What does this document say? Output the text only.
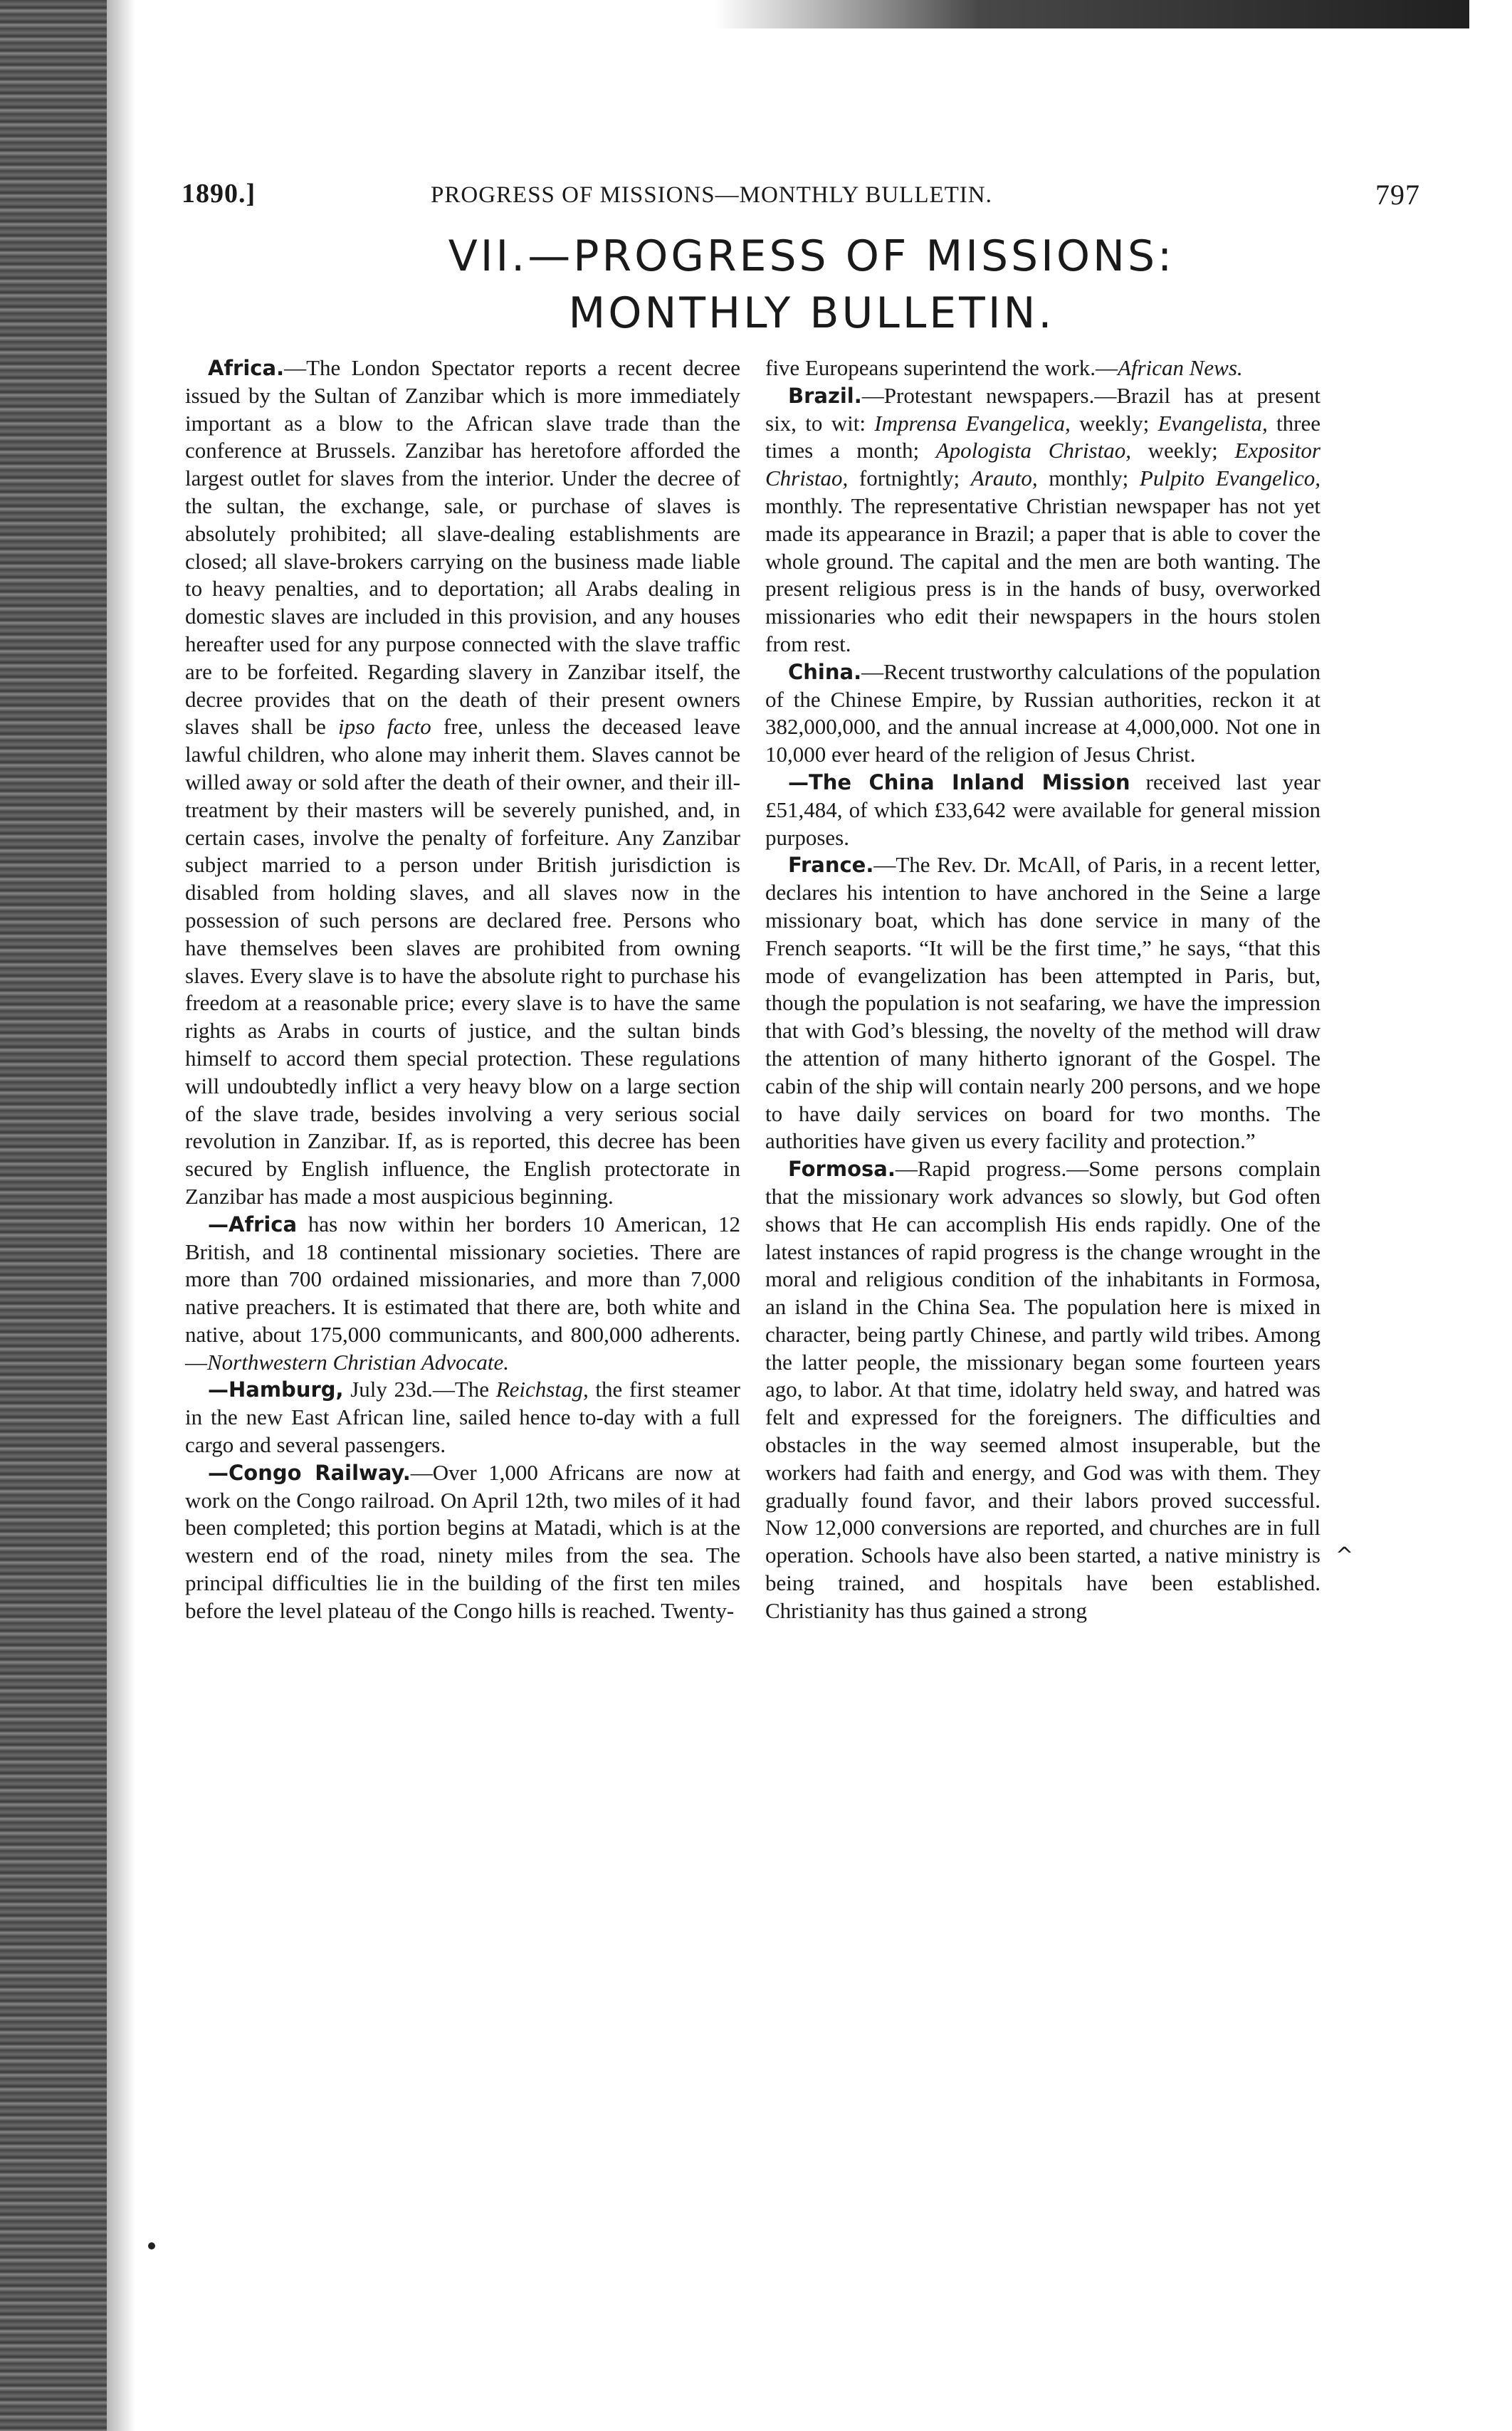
1890.]	PROGRESS OF MISSIONS—MONTHLY BULLETIN.	797
VII.—PROGRESS OF MISSIONS:
MONTHLY BULLETIN.

Africa.—The London Spectator reports a recent decree issued by the Sultan of Zanzibar which is more immediately important as a blow to the African slave trade than the conference at Brussels. Zanzibar has heretofore afforded the largest outlet for slaves from the interior. Under the decree of the sultan, the exchange, sale, or purchase of slaves is absolutely prohibited; all slave-dealing establishments are closed; all slave-brokers carrying on the business made liable to heavy penalties, and to deportation; all Arabs dealing in domestic slaves are included in this provision, and any houses hereafter used for any purpose connected with the slave traffic are to be forfeited. Regarding slavery in Zanzibar itself, the decree provides that on the death of their present owners slaves shall be ipso facto free, unless the deceased leave lawful children, who alone may inherit them. Slaves cannot be willed away or sold after the death of their owner, and their ill-treatment by their masters will be severely punished, and, in certain cases, involve the penalty of forfeiture. Any Zanzibar subject married to a person under British jurisdiction is disabled from holding slaves, and all slaves now in the possession of such persons are declared free. Persons who have themselves been slaves are prohibited from owning slaves. Every slave is to have the absolute right to purchase his freedom at a reasonable price; every slave is to have the same rights as Arabs in courts of justice, and the sultan binds himself to accord them special protection. These regulations will undoubtedly inflict a very heavy blow on a large section of the slave trade, besides involving a very serious social revolution in Zanzibar. If, as is reported, this decree has been secured by English influence, the English protectorate in Zanzibar has made a most auspicious beginning.

—Africa has now within her borders 10 American, 12 British, and 18 continental missionary societies. There are more than 700 ordained missionaries, and more than 7,000 native preachers. It is estimated that there are, both white and native, about 175,000 communicants, and 800,000 adherents.—Northwestern Christian Advocate.

—Hamburg, July 23d.—The Reichstag, the first steamer in the new East African line, sailed hence to-day with a full cargo and several passengers.

—Congo Railway.—Over 1,000 Africans are now at work on the Congo railroad. On April 12th, two miles of it had been completed; this portion begins at Matadi, which is at the western end of the road, ninety miles from the sea. The principal difficulties lie in the building of the first ten miles before the level plateau of the Congo hills is reached. Twenty-

five Europeans superintend the work.—African News.

Brazil.—Protestant newspapers.—Brazil has at present six, to wit: Imprensa Evangelica, weekly; Evangelista, three times a month; Apologista Christao, weekly; Expositor Christao, fortnightly; Arauto, monthly; Pulpito Evangelico, monthly. The representative Christian newspaper has not yet made its appearance in Brazil; a paper that is able to cover the whole ground. The capital and the men are both wanting. The present religious press is in the hands of busy, overworked missionaries who edit their newspapers in the hours stolen from rest.

China.—Recent trustworthy calculations of the population of the Chinese Empire, by Russian authorities, reckon it at 382,000,000, and the annual increase at 4,000,000. Not one in 10,000 ever heard of the religion of Jesus Christ.

—The China Inland Mission received last year £51,484, of which £33,642 were available for general mission purposes.

France.—The Rev. Dr. McAll, of Paris, in a recent letter, declares his intention to have anchored in the Seine a large missionary boat, which has done service in many of the French seaports. “It will be the first time,” he says, “that this mode of evangelization has been attempted in Paris, but, though the population is not seafaring, we have the impression that with God’s blessing, the novelty of the method will draw the attention of many hitherto ignorant of the Gospel. The cabin of the ship will contain nearly 200 persons, and we hope to have daily services on board for two months. The authorities have given us every facility and protection.”

Formosa.—Rapid progress.—Some persons complain that the missionary work advances so slowly, but God often shows that He can accomplish His ends rapidly. One of the latest instances of rapid progress is the change wrought in the moral and religious condition of the inhabitants in Formosa, an island in the China Sea. The population here is mixed in character, being partly Chinese, and partly wild tribes. Among the latter people, the missionary began some fourteen years ago, to labor. At that time, idolatry held sway, and hatred was felt and expressed for the foreigners. The difficulties and obstacles in the way seemed almost insuperable, but the workers had faith and energy, and God was with them. They gradually found favor, and their labors proved successful. Now 12,000 conversions are reported, and churches are in full operation. Schools have also been started, a native ministry is being trained, and hospitals have been established. Christianity has thus gained a strong

^
